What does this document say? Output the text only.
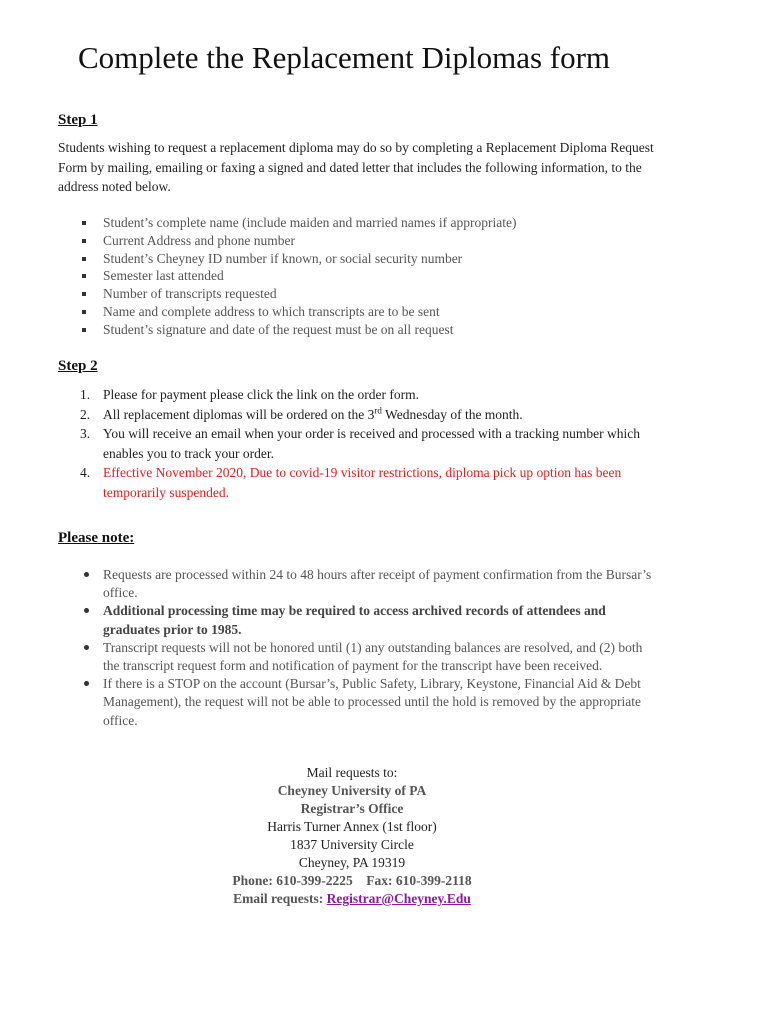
Complete the Replacement Diplomas form
Step 1
Students wishing to request a replacement diploma may do so by completing a Replacement Diploma Request Form by mailing, emailing or faxing a signed and dated letter that includes the following information, to the address noted below.
Student’s complete name (include maiden and married names if appropriate)
Current Address and phone number
Student’s Cheyney ID number if known, or social security number
Semester last attended
Number of transcripts requested
Name and complete address to which transcripts are to be sent
Student’s signature and date of the request must be on all request
Step 2
1. Please for payment please click the link on the order form.
2. All replacement diplomas will be ordered on the 3rd Wednesday of the month.
3. You will receive an email when your order is received and processed with a tracking number which enables you to track your order.
4. Effective November 2020, Due to covid-19 visitor restrictions, diploma pick up option has been temporarily suspended.
Please note:
Requests are processed within 24 to 48 hours after receipt of payment confirmation from the Bursar’s office.
Additional processing time may be required to access archived records of attendees and graduates prior to 1985.
Transcript requests will not be honored until (1) any outstanding balances are resolved, and (2) both the transcript request form and notification of payment for the transcript have been received.
If there is a STOP on the account (Bursar’s, Public Safety, Library, Keystone, Financial Aid & Debt Management), the request will not be able to processed until the hold is removed by the appropriate office.
Mail requests to:
Cheyney University of PA
Registrar’s Office
Harris Turner Annex (1st floor)
1837 University Circle
Cheyney, PA 19319
Phone: 610-399-2225 Fax: 610-399-2118
Email requests: Registrar@Cheyney.Edu
